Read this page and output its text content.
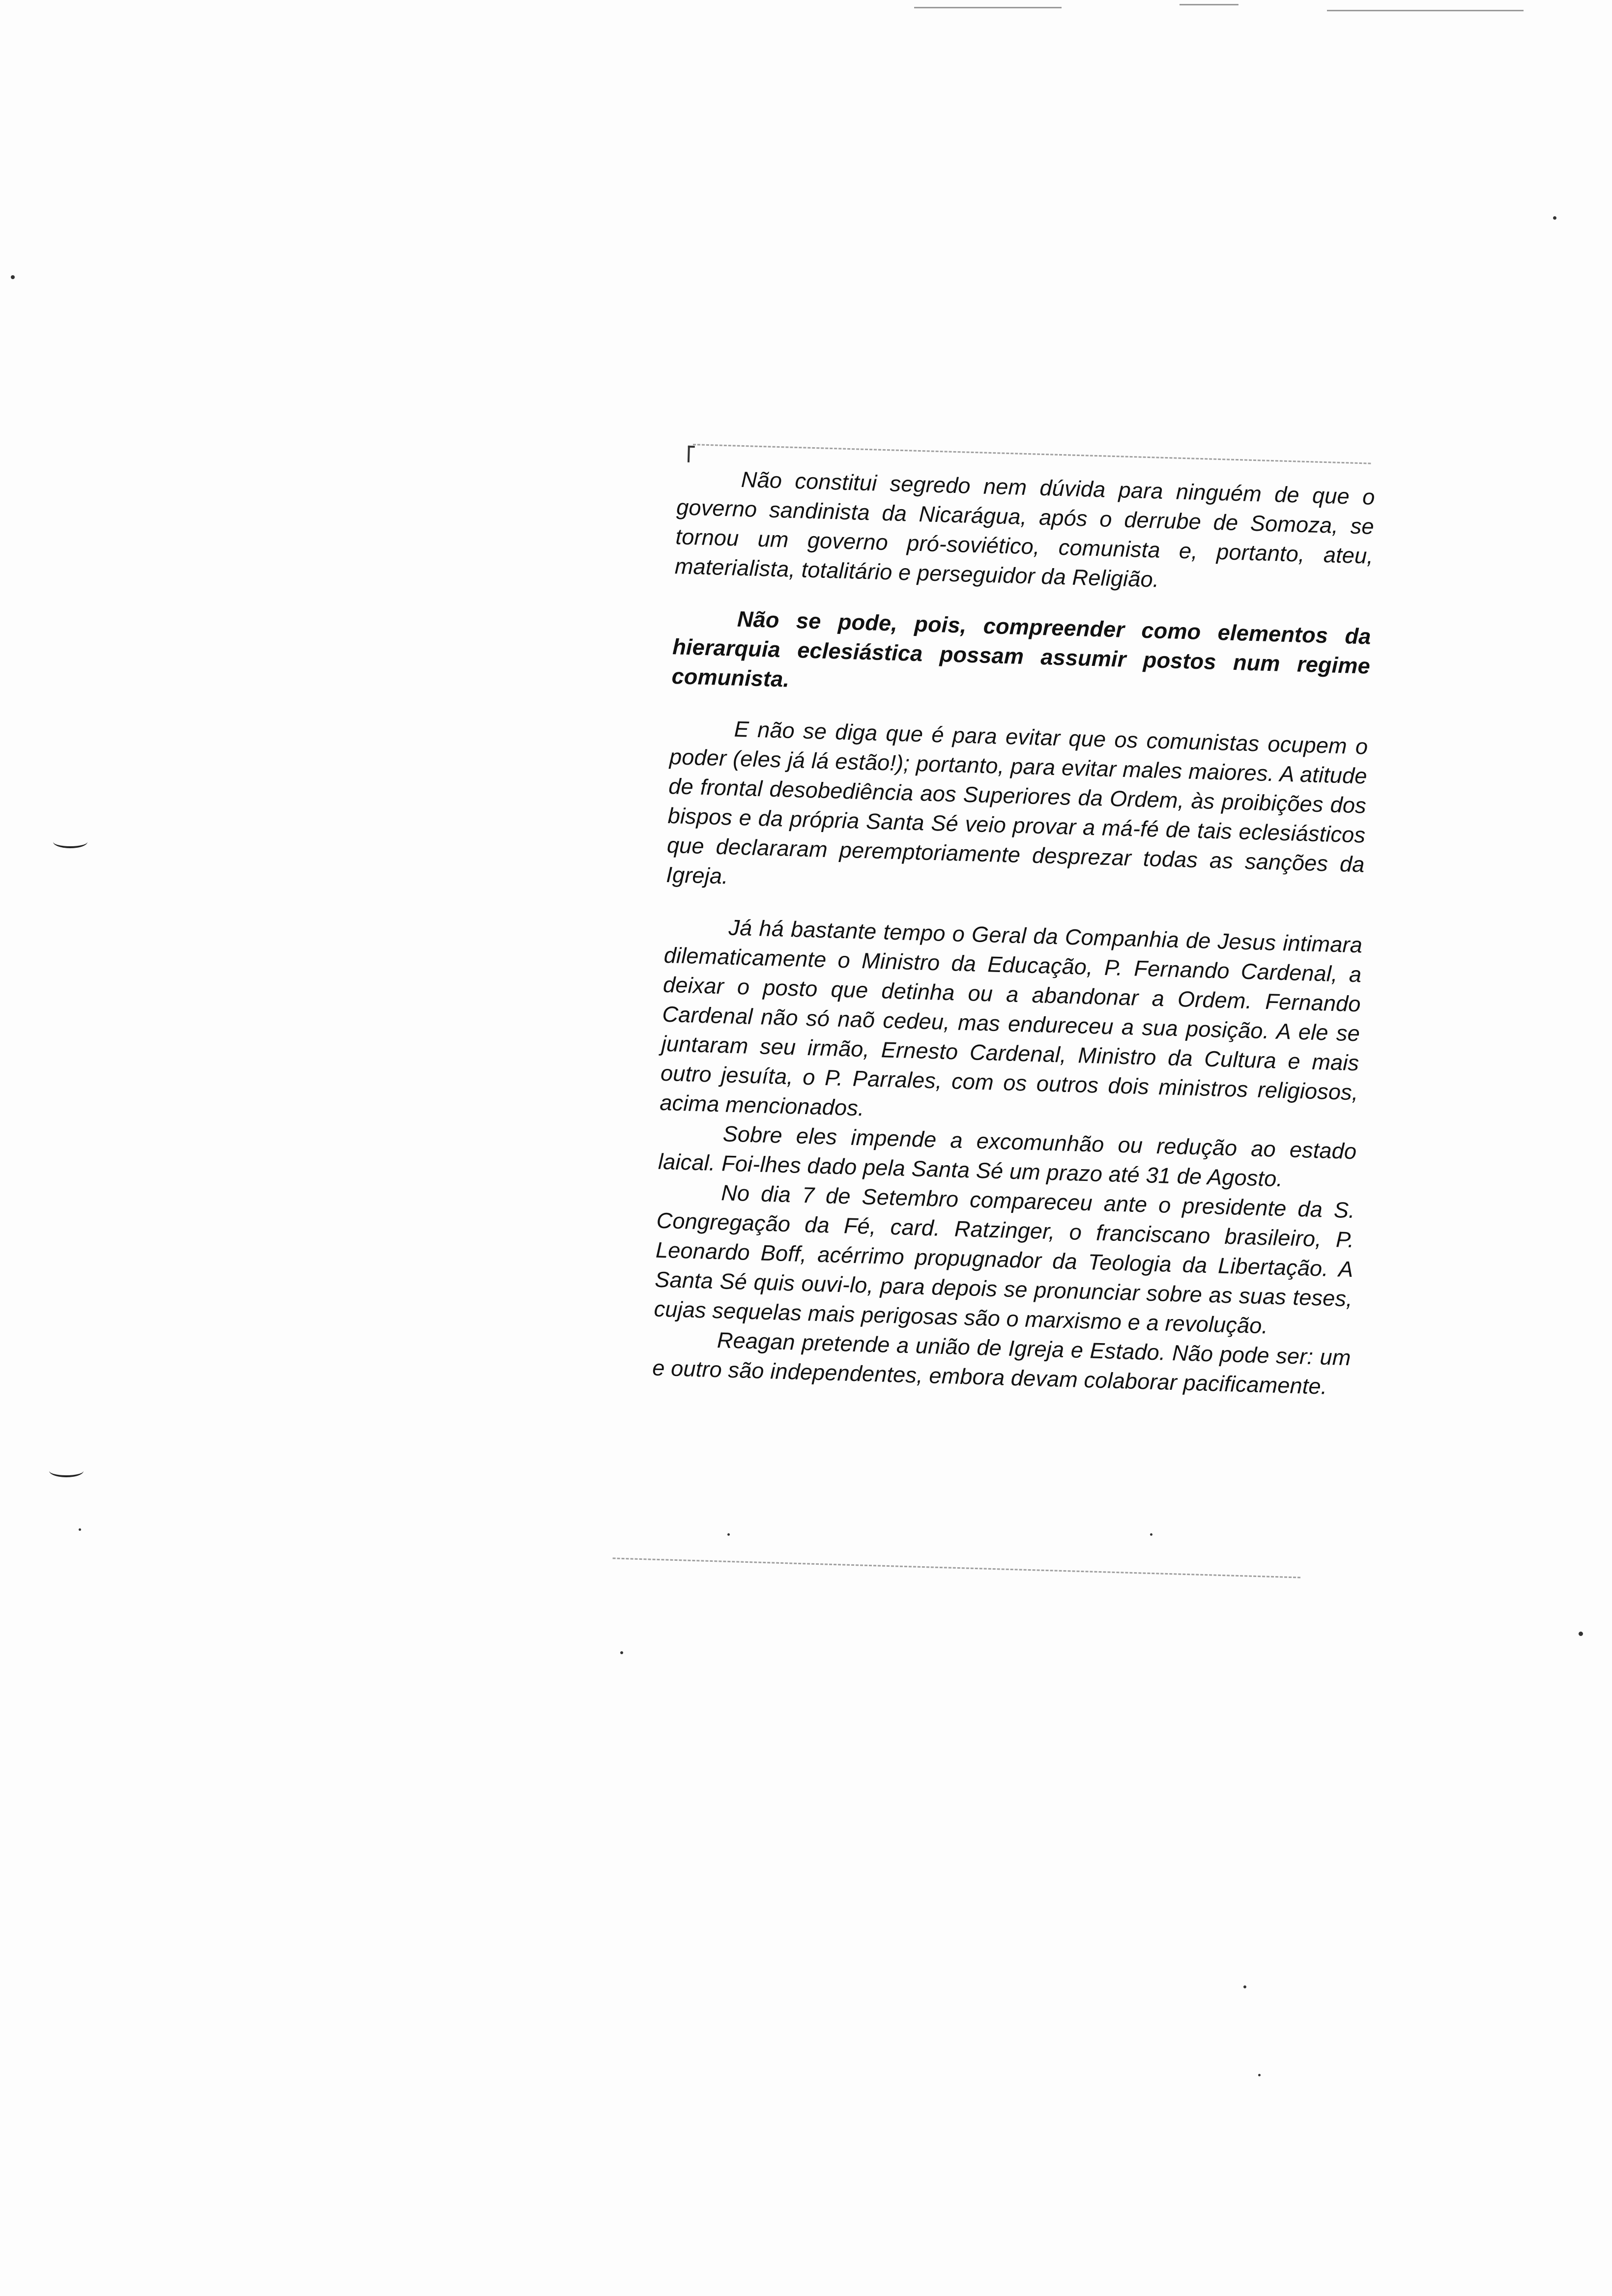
Não constitui segredo nem dúvida para ninguém de que o governo sandinista da Nicarágua, após o derrube de Somoza, se tornou um governo pró-soviético, comunista e, portanto, ateu, materialista, totalitário e perseguidor da Religião.

Não se pode, pois, compreender como elementos da hierarquia eclesiástica possam assumir postos num regime comunista.

E não se diga que é para evitar que os comunistas ocupem o poder (eles já lá estão!); portanto, para evitar males maiores. A atitude de frontal desobediência aos Superiores da Ordem, às proibições dos bispos e da própria Santa Sé veio provar a má-fé de tais eclesiásticos que declararam peremptoriamente desprezar todas as sanções da Igreja.

Já há bastante tempo o Geral da Companhia de Jesus intimara dilematicamente o Ministro da Educação, P. Fernando Cardenal, a deixar o posto que detinha ou a abandonar a Ordem. Fernando Cardenal não só naõ cedeu, mas endureceu a sua posição. A ele se juntaram seu irmão, Ernesto Cardenal, Ministro da Cultura e mais outro jesuíta, o P. Parrales, com os outros dois ministros religiosos, acima mencionados.

Sobre eles impende a excomunhão ou redução ao estado laical. Foi-lhes dado pela Santa Sé um prazo até 31 de Agosto.

No dia 7 de Setembro compareceu ante o presidente da S. Congregação da Fé, card. Ratzinger, o franciscano brasileiro, P. Leonardo Boff, acérrimo propugnador da Teologia da Libertação. A Santa Sé quis ouvi-lo, para depois se pronunciar sobre as suas teses, cujas sequelas mais perigosas são o marxismo e a revolução.

Reagan pretende a união de Igreja e Estado. Não pode ser: um e outro são independentes, embora devam colaborar pacificamente.
